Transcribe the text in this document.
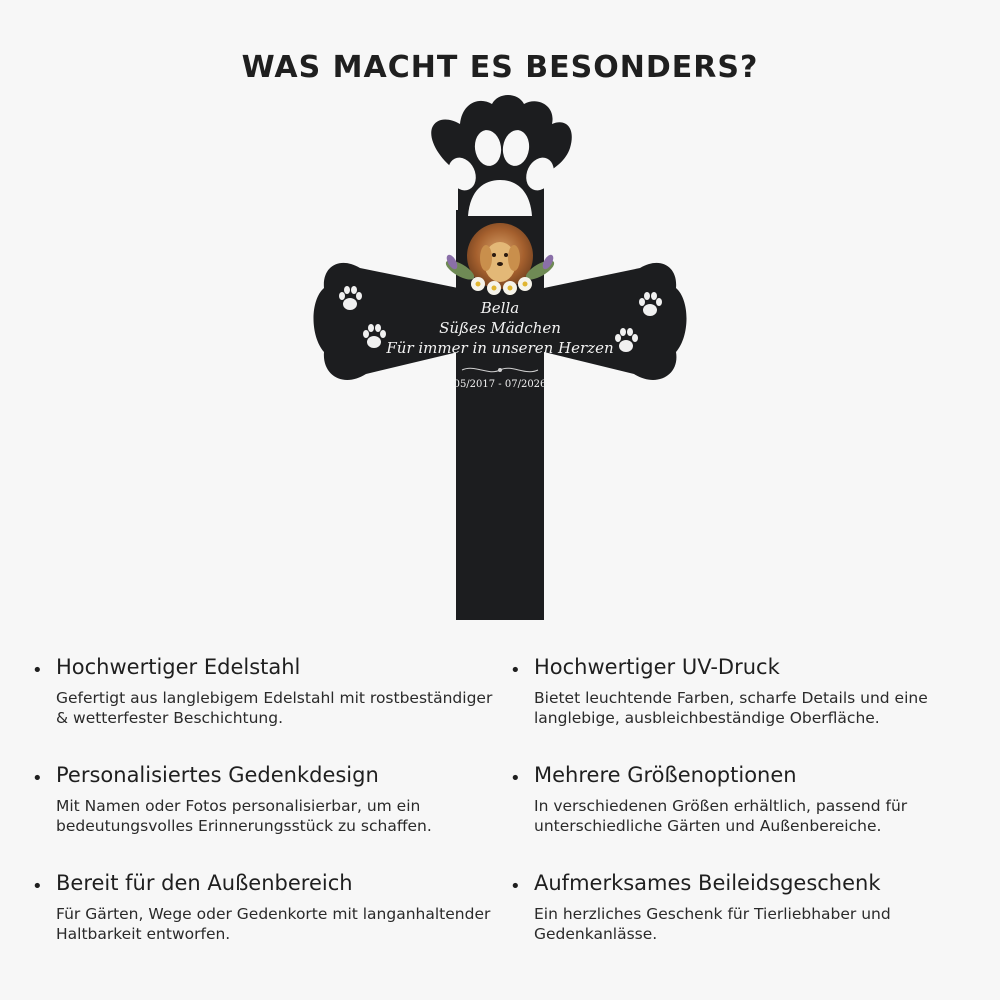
WAS MACHT ES BESONDERS?
Bella
Süßes Mädchen
Für immer in unseren Herzen
05/2017 - 07/2026
• Hochwertiger Edelstahl
Gefertigt aus langlebigem Edelstahl mit rostbeständiger & wetterfester Beschichtung.
• Hochwertiger UV-Druck
Bietet leuchtende Farben, scharfe Details und eine langlebige, ausbleichbeständige Oberfläche.
• Personalisiertes Gedenkdesign
Mit Namen oder Fotos personalisierbar, um ein bedeutungsvolles Erinnerungsstück zu schaffen.
• Mehrere Größenoptionen
In verschiedenen Größen erhältlich, passend für unterschiedliche Gärten und Außenbereiche.
• Bereit für den Außenbereich
Für Gärten, Wege oder Gedenkorte mit langanhaltender Haltbarkeit entworfen.
• Aufmerksames Beileidsgeschenk
Ein herzliches Geschenk für Tierliebhaber und Gedenkanlässe.
